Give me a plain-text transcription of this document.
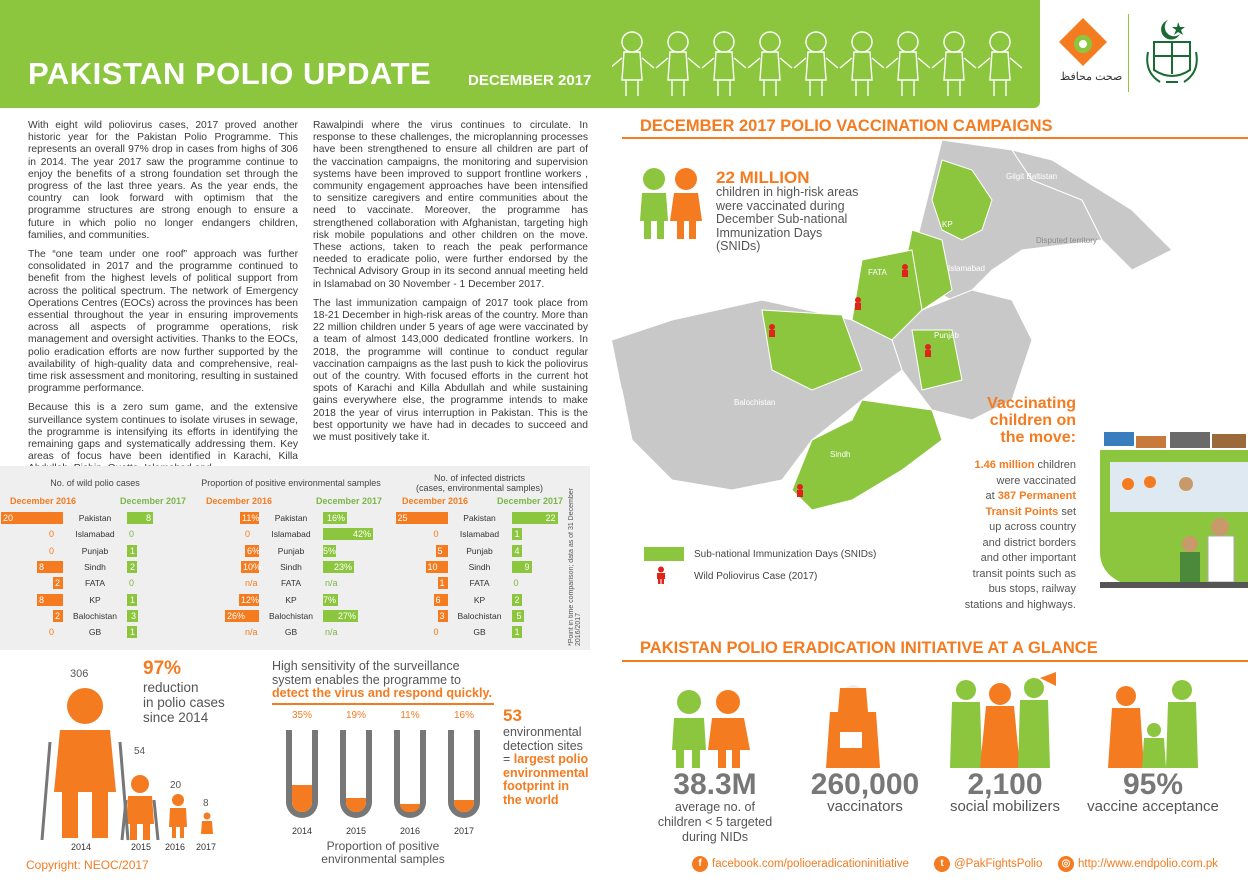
PAKISTAN POLIO UPDATE DECEMBER 2017	صحت محافظ

With eight wild poliovirus cases, 2017 proved another historic year for the Pakistan Polio Programme. This represents an overall 97% drop in cases from highs of 306 in 2014. The year 2017 saw the programme continue to enjoy the benefits of a strong foundation set through the progress of the last three years. As the year ends, the country can look forward with optimism that the programme structures are strong enough to ensure a future in which polio no longer endangers children, families, and communities.

The “one team under one roof” approach was further consolidated in 2017 and the programme continued to benefit from the highest levels of political support from across the political spectrum. The network of Emergency Operations Centres (EOCs) across the provinces has been essential throughout the year in ensuring improvements across all aspects of programme operations, risk management and oversight activities. Thanks to the EOCs, polio eradication efforts are now further supported by the availability of high-quality data and comprehensive, real-time risk assessment and monitoring, resulting in sustained programme performance.

Because this is a zero sum game, and the extensive surveillance system continues to isolate viruses in sewage, the programme is intensifying its efforts in identifying the remaining gaps and systematically addressing them. Key areas of focus have been identified in Karachi, Killa

Rawalpindi where the virus continues to circulate. In response to these challenges, the microplanning processes have been strengthened to ensure all children are part of the vaccination campaigns, the monitoring and supervision systems have been improved to support frontline workers , community engagement approaches have been intensified to sensitize caregivers and entire communities about the need to vaccinate. Moreover, the programme has strengthened collaboration with Afghanistan, targeting high risk mobile populations and other children on the move. These actions, taken to reach the peak performance needed to eradicate polio, were further endorsed by the Technical Advisory Group in its second annual meeting held in Islamabad on 30 November - 1 December 2017.

The last immunization campaign of 2017 took place from 18-21 December in high-risk areas of the country. More than 22 million children under 5 years of age were vaccinated by a team of almost 143,000 dedicated frontline workers. In 2018, the programme will continue to conduct regular vaccination campaigns as the last push to kick the poliovirus out of the country. With focused efforts in the current hot spots of Karachi and Killa Abdullah and while sustaining gains everywhere else, the programme intends to make 2018 the year of virus interruption in Pakistan. This is the best opportunity we have had in decades to succeed and we must positively take it.

No. of wild polio cases
December 2016	December 2017
Pakistan
20	8
Islamabad
0	0
Punjab
0	1
Sindh
8	2
FATA
2	0
KP
8	1
Balochistan
2	3
GB
0	1
Proportion of positive environmental samples
December 2016	December 2017
Pakistan
11%	16%
Islamabad
0	42%
Punjab
6%	5%
Sindh
10%	23%
FATA
n/a	n/a
KP
12%	7%
Balochistan
26%	27%
GB
n/a	n/a
No. of infected districts
(cases, environmental samples)
December 2016	December 2017
Pakistan
25	22
Islamabad
0	1
Punjab
5	4
Sindh
10	9
FATA
1	0
KP
6	2
Balochistan
3	5
GB
0	1	*Point in time comparison; data as of 31 December 2016/2017
306	97%
reduction
in polio cases
since 2014
54
20
8
2014	2015 2016 2017
High sensitivity of the surveillance
system enables the programme to
detect the virus and respond quickly.
35%
2014
19%
2015
11%
2016
16%
2017
Proportion of positive
environmental samples
53
environmental
detection sites
= largest polio
environmental
footprint in
the world
DECEMBER 2017 POLIO VACCINATION CAMPAIGNS
Gilgit Baltistan
KP
Disputed territory
FATA	Islamabad
Punjab
Balochistan
Sindh
22 MILLION
children in high-risk areas
were vaccinated during
December Sub-national
Immunization Days
(SNIDs)
Sub-national Immunization Days (SNIDs)
Wild Poliovirus Case (2017)
Vaccinating
children on
the move:
1.46 million children
were vaccinated
at 387 Permanent
Transit Points set
up across country
and district borders
and other important
transit points such as
bus stops, railway
stations and highways.
PAKISTAN POLIO ERADICATION INITIATIVE AT A GLANCE
38.3M
average no. of
children < 5 targeted
during NIDs
260,000
vaccinators
2,100
social mobilizers
95%
vaccine acceptance
Copyright: NEOC/2017	f facebook.com/polioeradicationinitiative	t @PakFightsPolio	◎ http://www.endpolio.com.pk
